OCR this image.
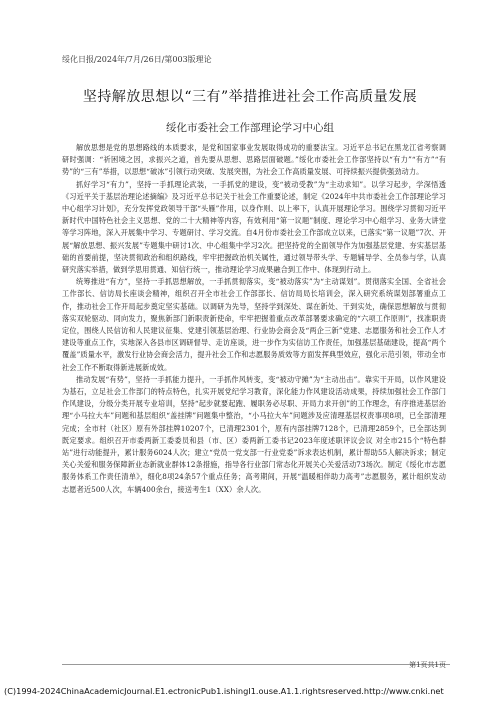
绥化日报/2024年/7月/26日/第003版理论
坚持解放思想以“三有”举措推进社会工作高质量发展
绥化市委社会工作部理论学习中心组

解放思想是党的思想路线的本质要求，是党和国家事业发展取得成功的重要法宝。习近平总书记在黑龙江省考察调研时强调：“祈困境之因，求振兴之道，首先要从思想、思路层面破题。”绥化市委社会工作部坚持以“有力”“有方”“有势”的“三有”举措，以思想“破冰”引领行动突破、发展突围，为社会工作高质量发展、可持续振兴提供强劲动力。

抓好学习“有力”，坚持一手抓理论武装，一手抓党的建设，变“被动受教”为“主动求知”。以学习起步，学深悟透《习近平关于基层治理论述摘编》及习近平总书记关于社会工作重要论述，制定《2024年中共市委社会工作部理论学习中心组学习计划》，充分发挥党政领导干部“头雁”作用，以身作则、以上率下，认真开展理论学习。围绕学习贯彻习近平新时代中国特色社会主义思想、党的二十大精神等内容，有效利用“第一议题”制度、理论学习中心组学习、业务大讲堂等学习阵地，深入开展集中学习、专题研讨、学习交流。自4月份市委社会工作部成立以来，已落实“第一议题”7次、开展“解放思想、振兴发展”专题集中研讨1次、中心组集中学习2次。把坚持党的全面领导作为加强基层党建、夯实基层基础的首要前提，坚决贯彻政治和组织路线，牢牢把握政治机关属性，通过领导带头学、专题辅导学、全员参与学，认真研究落实举措，做到学思用贯通、知信行统一，推动理论学习成果融合到工作中、体现到行动上。

统筹推进“有方”，坚持一手抓思想解放，一手抓贯彻落实，变“被动落实”为“主动谋划”。贯彻落实全国、全省社会工作部长、信访局长座谈会精神，组织召开全市社会工作部部长、信访局局长培训会，深入研究系统谋划部署重点工作，推动社会工作开局起步奠定坚实基础。以调研为先导，坚持学到深处、谋在新处、干到实处，确保思想解放与贯彻落实双轮驱动、同向发力，聚焦新部门新职责新使命，牢牢把握着重点改革部署要求确定的“六项工作原则”，找准职责定位，围绕人民信访和人民建议征集、党建引领基层治理、行业协会商会及“两企三新”党建、志愿服务和社会工作人才建设等重点工作，实地深入各县市区调研督导、走访座谈，进一步作为实信访工作责任，加强基层基础建设，提高“两个覆盖”质量水平，激发行业协会商会活力，提升社会工作和志愿服务质效等方面发挥典型效应，强化示范引领，带动全市社会工作不断取得新进展新成效。

推动发展“有势”，坚持一手抓能力提升，一手抓作风转变，变“被动守摊”为“主动出击”。靠实干开局，以作风建设为基石，立足社会工作部门的特点特色，扎实开展党纪学习教育，深化能力作风建设活动成果，持续加强社会工作部门作风建设，分级分类开展专业培训，坚持“起步就要起跑、履职务必尽职、开局力求开创”的工作理念，有序推进基层治理“小马拉大车”问题和基层组织“盖挂牌”问题集中整治，“小马拉大车”问题涉及应清理基层权责事项8项，已全部清理完成；全市村（社区）原有外部挂牌10207个，已清理2301个，原有内部挂牌7128个，已清理2859个，已全部达到既定要求。组织召开市委两新工委委员和县（市、区）委两新工委书记2023年度述职评议会议 对全市215个“特色群站”进行动能提升，累计服务6024人次；建立“党员一党支部一行业党委”诉求表达机制，累计帮助55人解决诉求；制定关心关爱和服务保障新业态新就业群体12条措施，指导各行业部门常态化开展关心关爱活动73场次。制定《绥化市志愿服务体系工作责任清单》，细化8项24条57个重点任务；高考期间，开展“温暖相伴助力高考”志愿服务，累计组织发动志愿者近500人次，车辆400余台，接送考生1（XX）余人次。

第1页共1页
(C)1994-2024ChinaAcademicJournal.E1.ectronicPub1.ishingI1.ouse.A1.1.rightsreserved.http://www.cnki.net
